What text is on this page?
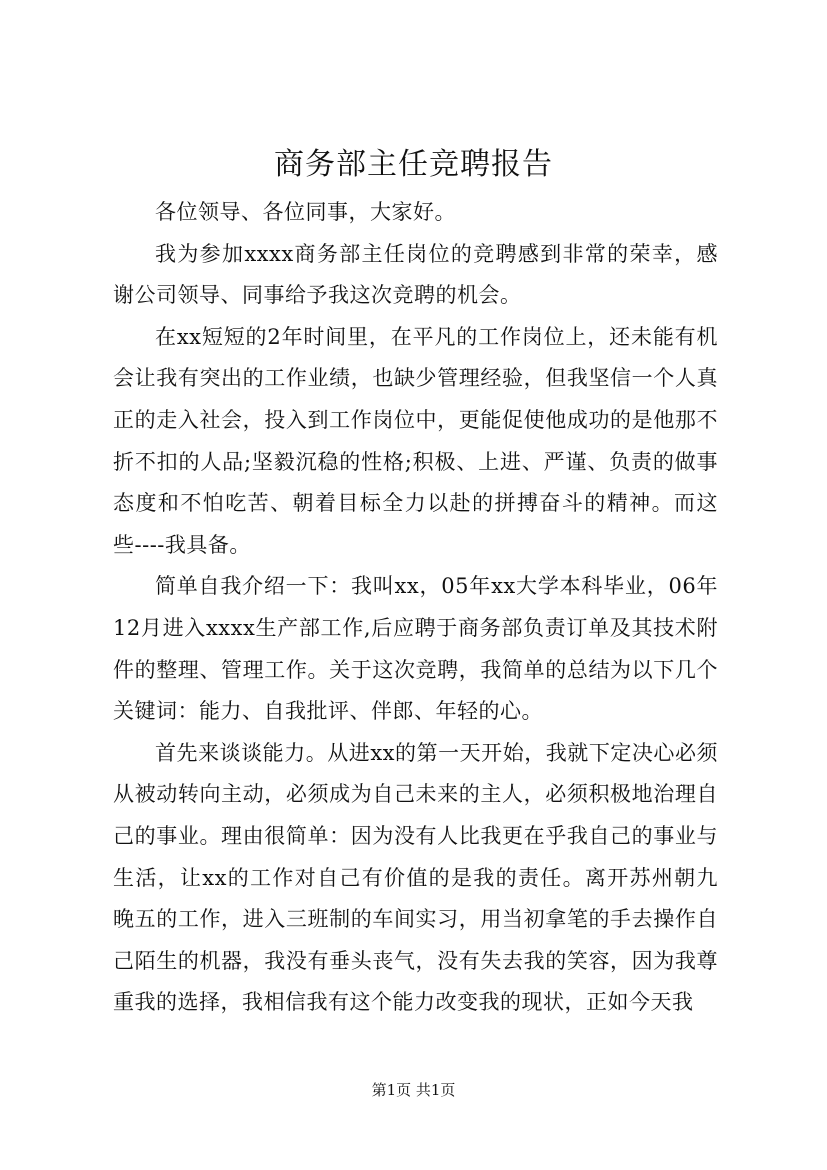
商务部主任竞聘报告

各位领导、各位同事，大家好。

我为参加xxxx商务部主任岗位的竞聘感到非常的荣幸，感谢公司领导、同事给予我这次竞聘的机会。

在xx短短的2年时间里，在平凡的工作岗位上，还未能有机会让我有突出的工作业绩，也缺少管理经验，但我坚信一个人真正的走入社会，投入到工作岗位中，更能促使他成功的是他那不折不扣的人品;坚毅沉稳的性格;积极、上进、严谨、负责的做事态度和不怕吃苦、朝着目标全力以赴的拼搏奋斗的精神。而这些----我具备。

简单自我介绍一下：我叫xx，05年xx大学本科毕业，06年12月进入xxxx生产部工作,后应聘于商务部负责订单及其技术附件的整理、管理工作。关于这次竞聘，我简单的总结为以下几个关键词：能力、自我批评、伴郎、年轻的心。

首先来谈谈能力。从进xx的第一天开始，我就下定决心必须从被动转向主动，必须成为自己未来的主人，必须积极地治理自己的事业。理由很简单：因为没有人比我更在乎我自己的事业与生活，让xx的工作对自己有价值的是我的责任。离开苏州朝九晚五的工作，进入三班制的车间实习，用当初拿笔的手去操作自己陌生的机器，我没有垂头丧气，没有失去我的笑容，因为我尊重我的选择，我相信我有这个能力改变我的现状，正如今天我

第1页 共1页
